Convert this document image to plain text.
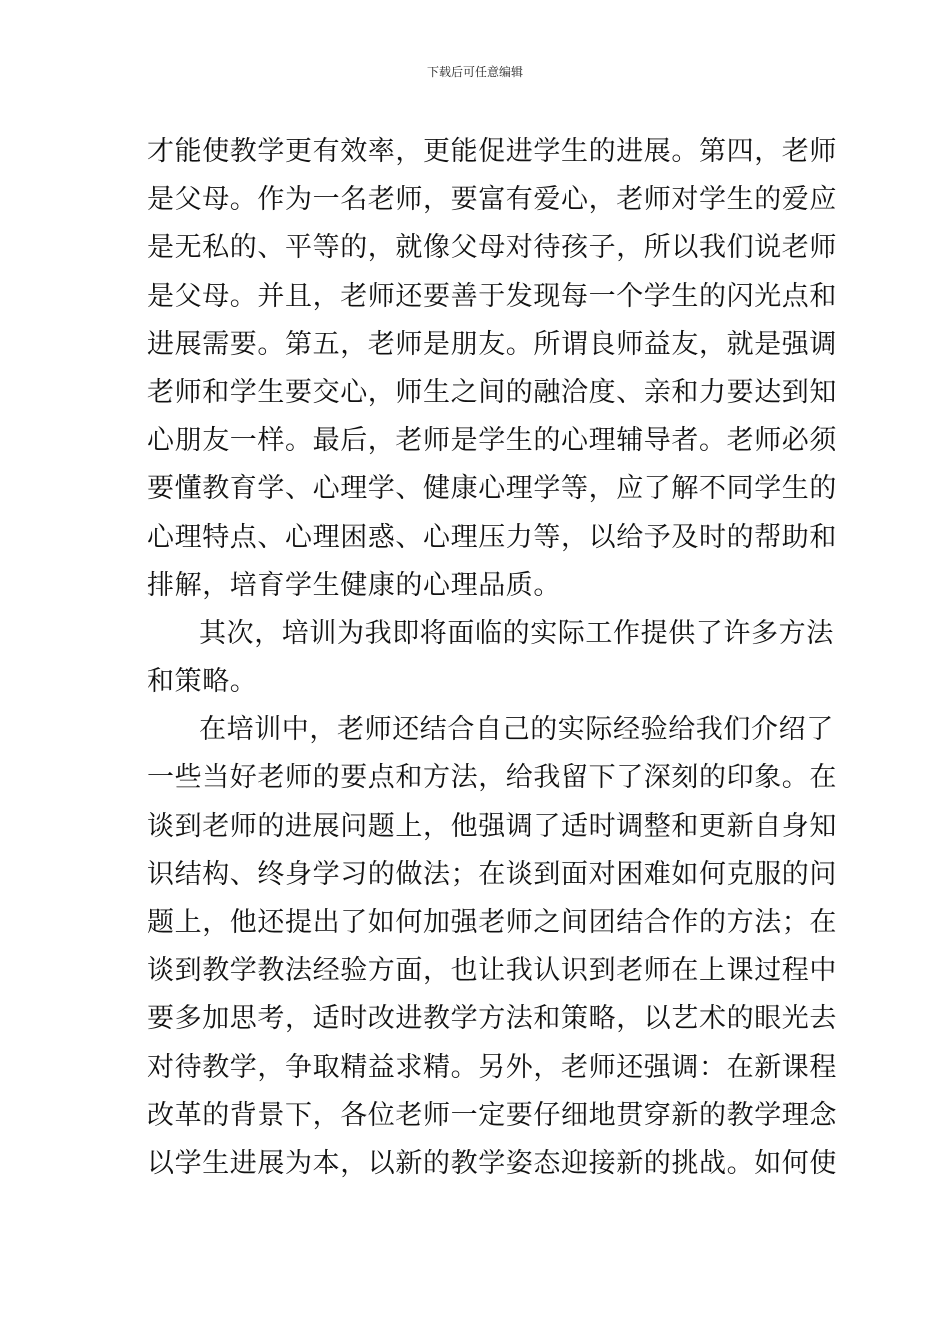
下载后可任意编辑
才能使教学更有效率，更能促进学生的进展。第四，老师
是父母。作为一名老师，要富有爱心，老师对学生的爱应
是无私的、平等的，就像父母对待孩子，所以我们说老师
是父母。并且，老师还要善于发现每一个学生的闪光点和
进展需要。第五，老师是朋友。所谓良师益友，就是强调
老师和学生要交心，师生之间的融洽度、亲和力要达到知
心朋友一样。最后，老师是学生的心理辅导者。老师必须
要懂教育学、心理学、健康心理学等，应了解不同学生的
心理特点、心理困惑、心理压力等，以给予及时的帮助和
排解，培育学生健康的心理品质。
其次，培训为我即将面临的实际工作提供了许多方法
和策略。
在培训中，老师还结合自己的实际经验给我们介绍了
一些当好老师的要点和方法，给我留下了深刻的印象。在
谈到老师的进展问题上，他强调了适时调整和更新自身知
识结构、终身学习的做法；在谈到面对困难如何克服的问
题上，他还提出了如何加强老师之间团结合作的方法；在
谈到教学教法经验方面，也让我认识到老师在上课过程中
要多加思考，适时改进教学方法和策略，以艺术的眼光去
对待教学，争取精益求精。另外，老师还强调：在新课程
改革的背景下，各位老师一定要仔细地贯穿新的教学理念
以学生进展为本，以新的教学姿态迎接新的挑战。如何使
